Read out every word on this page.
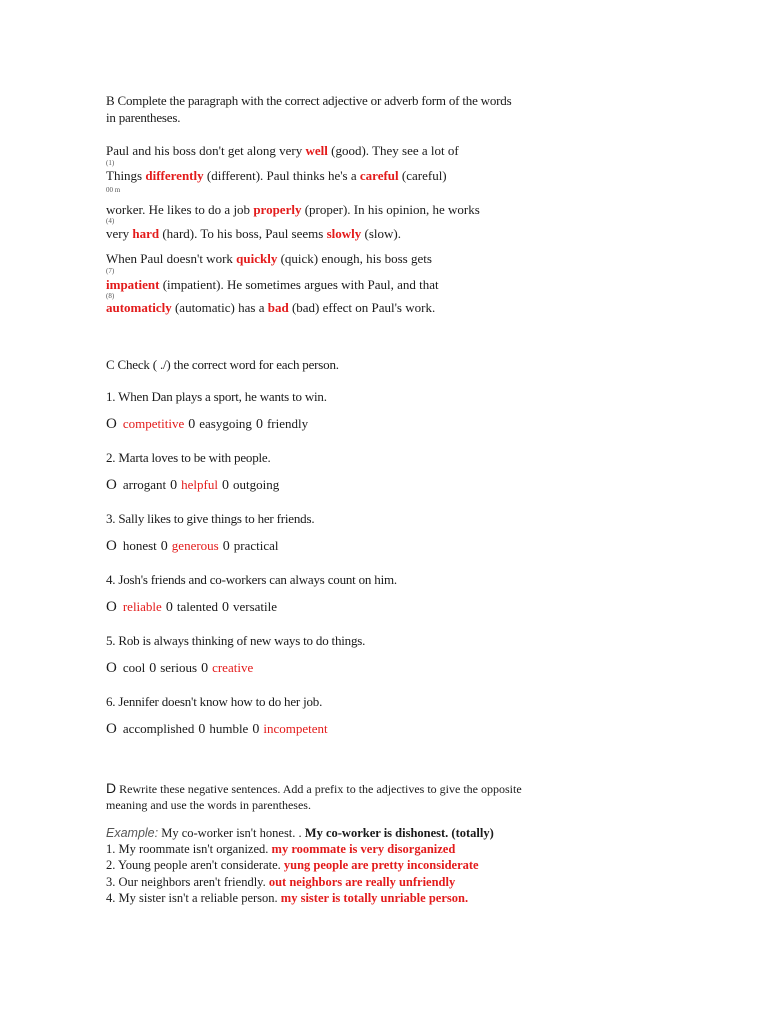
B Complete the paragraph with the correct adjective or adverb form of the words
in parentheses.
Paul and his boss don't get along very well (good). They see a lot of
(1)
Things differently (different). Paul thinks he's a careful (careful)
00 m
worker. He likes to do a job properly (proper). In his opinion, he works
(4)
very hard (hard). To his boss, Paul seems slowly (slow).
When Paul doesn't work quickly (quick) enough, his boss gets
(7)
impatient (impatient). He sometimes argues with Paul, and that
(8)
automaticly (automatic) has a bad (bad) effect on Paul's work.
C Check ( ./) the correct word for each person.
1. When Dan plays a sport, he wants to win.
O competitive 0 easygoing 0 friendly
2. Marta loves to be with people.
O arrogant 0 helpful 0 outgoing
3. Sally likes to give things to her friends.
O honest 0 generous 0 practical
4. Josh's friends and co-workers can always count on him.
O reliable 0 talented 0 versatile
5. Rob is always thinking of new ways to do things.
O cool 0 serious 0 creative
6. Jennifer doesn't know how to do her job.
O accomplished 0 humble 0 incompetent
D Rewrite these negative sentences. Add a prefix to the adjectives to give the opposite
meaning and use the words in parentheses.
Example: My co-worker isn't honest. . My co-worker is dishonest. (totally)
1. My roommate isn't organized. my roommate is very disorganized
2. Young people aren't considerate. yung people are pretty inconsiderate
3. Our neighbors aren't friendly. out neighbors are really unfriendly
4. My sister isn't a reliable person. my sister is totally unriable person.
